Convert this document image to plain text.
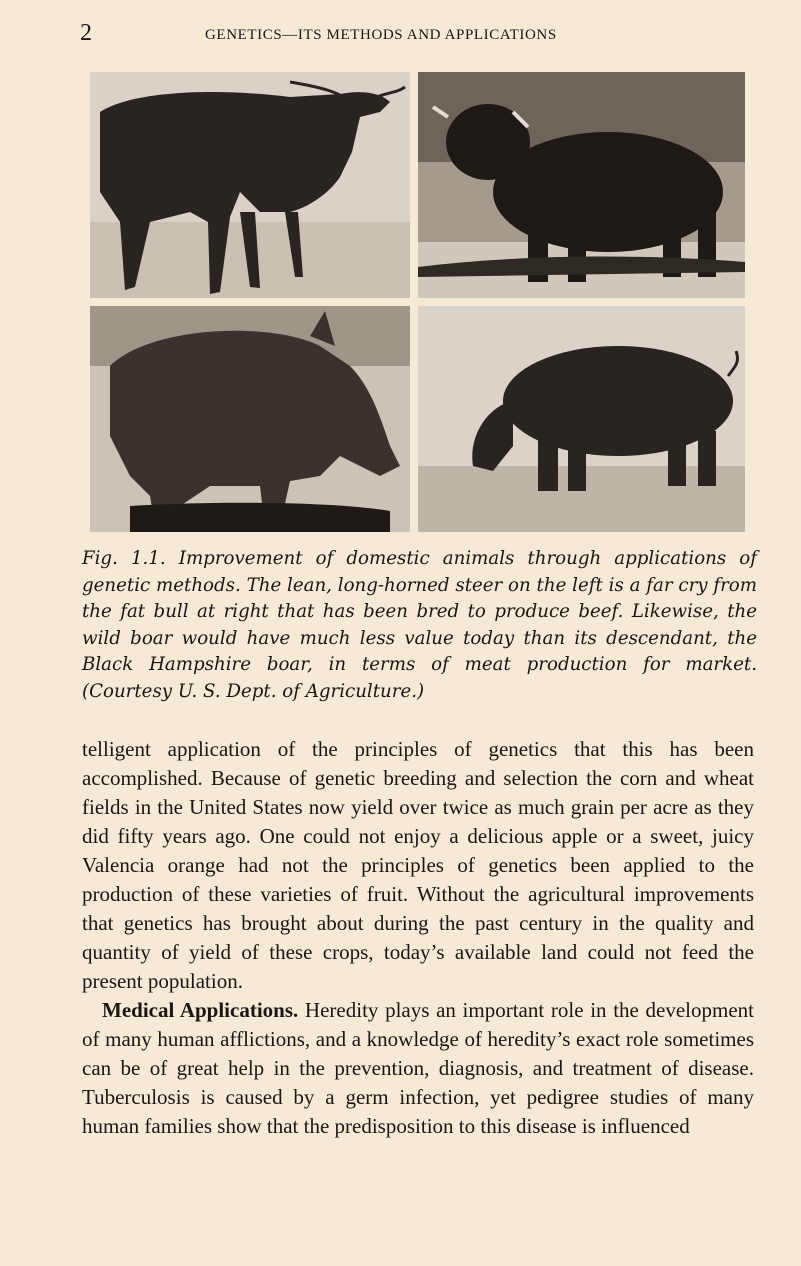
2	GENETICS—ITS METHODS AND APPLICATIONS
Fig. 1.1. Improvement of domestic animals through applications of genetic methods. The lean, long-horned steer on the left is a far cry from the fat bull at right that has been bred to produce beef. Likewise, the wild boar would have much less value today than its descendant, the Black Hampshire boar, in terms of meat production for market. (Courtesy U. S. Dept. of Agriculture.)

telligent application of the principles of genetics that this has been accomplished. Because of genetic breeding and selection the corn and wheat fields in the United States now yield over twice as much grain per acre as they did fifty years ago. One could not enjoy a delicious apple or a sweet, juicy Valencia orange had not the principles of genetics been applied to the production of these varieties of fruit. Without the agricultural improvements that genetics has brought about during the past century in the quality and quantity of yield of these crops, today’s available land could not feed the present population.

Medical Applications. Heredity plays an important role in the development of many human afflictions, and a knowledge of heredity’s exact role sometimes can be of great help in the prevention, diagnosis, and treatment of disease. Tuberculosis is caused by a germ infection, yet pedigree studies of many human families show that the predisposition to this disease is influenced
